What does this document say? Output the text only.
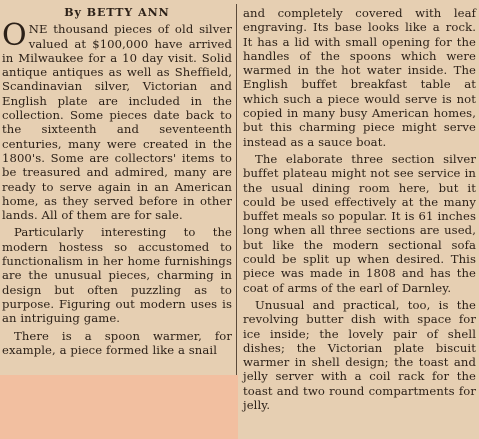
By BETTY ANN

ONE thousand pieces of old silver valued at $100,000 have arrived in Milwaukee for a 10 day visit. Solid antique antiques as well as Sheffield, Scandinavian silver, Victorian and English plate are included in the collection. Some pieces date back to the sixteenth and seventeenth centuries, many were created in the 1800's. Some are collectors' items to be treasured and admired, many are ready to serve again in an American home, as they served before in other lands. All of them are for sale.

Particularly interesting to the modern hostess so accustomed to functionalism in her home furnishings are the unusual pieces, charming in design but often puzzling as to purpose. Figuring out modern uses is an intriguing game.

There is a spoon warmer, for example, a piece formed like a snail

and completely covered with leaf engraving. Its base looks like a rock. It has a lid with small opening for the handles of the spoons which were warmed in the hot water inside. The English buffet breakfast table at which such a piece would serve is not copied in many busy American homes, but this charming piece might serve instead as a sauce boat.

The elaborate three section silver buffet plateau might not see service in the usual dining room here, but it could be used effectively at the many buffet meals so popular. It is 61 inches long when all three sections are used, but like the modern sectional sofa could be split up when desired. This piece was made in 1808 and has the coat of arms of the earl of Darnley.

Unusual and practical, too, is the revolving butter dish with space for ice inside; the lovely pair of shell dishes; the Victorian plate biscuit warmer in shell design; the toast and jelly server with a coil rack for the toast and two round compartments for jelly.
